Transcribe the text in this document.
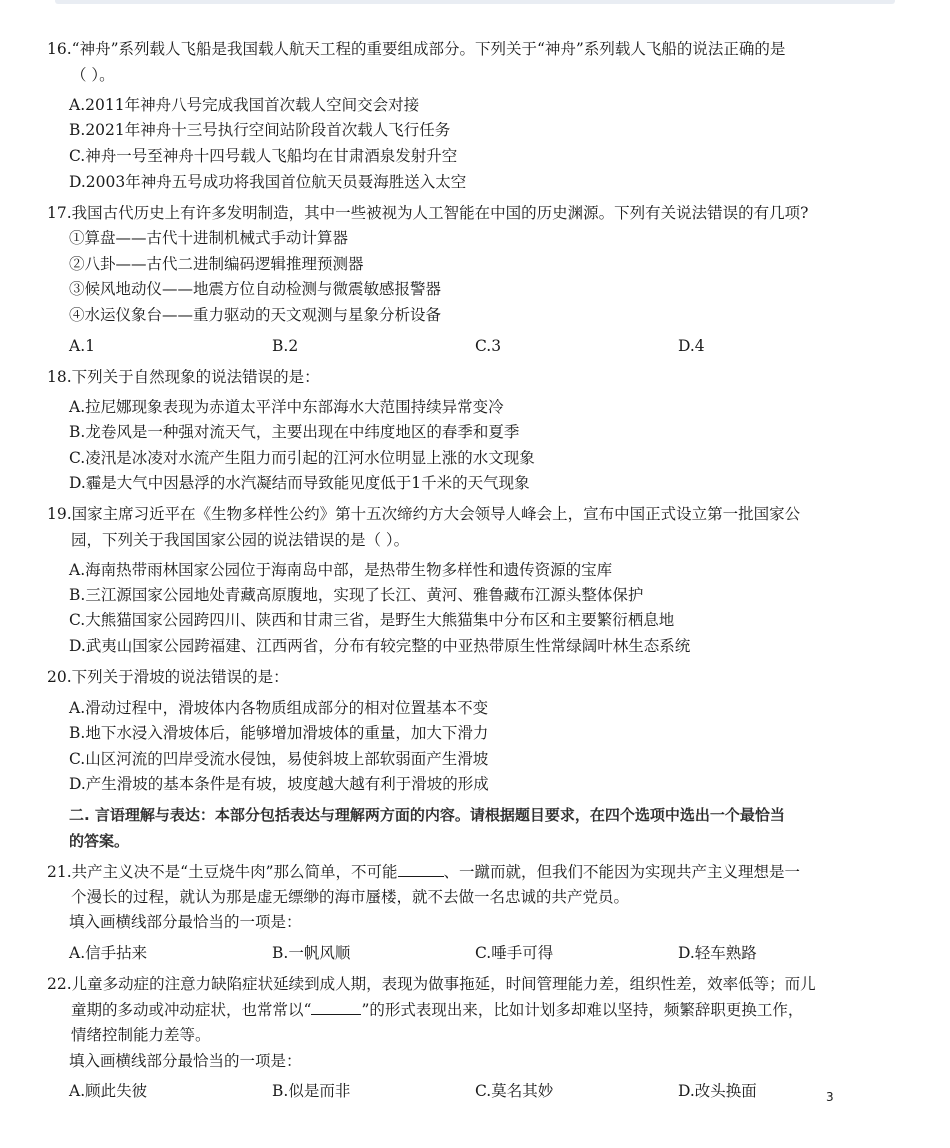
16.“神舟”系列载人飞船是我国载人航天工程的重要组成部分。下列关于“神舟”系列载人飞船的说法正确的是
（ ）。
A.2011年神舟八号完成我国首次载人空间交会对接
B.2021年神舟十三号执行空间站阶段首次载人飞行任务
C.神舟一号至神舟十四号载人飞船均在甘肃酒泉发射升空
D.2003年神舟五号成功将我国首位航天员聂海胜送入太空
17.我国古代历史上有许多发明制造，其中一些被视为人工智能在中国的历史渊源。下列有关说法错误的有几项?
①算盘——古代十进制机械式手动计算器
②八卦——古代二进制编码逻辑推理预测器
③候风地动仪——地震方位自动检测与微震敏感报警器
④水运仪象台——重力驱动的天文观测与星象分析设备
A.1	B.2	C.3	D.4
18.下列关于自然现象的说法错误的是：
A.拉尼娜现象表现为赤道太平洋中东部海水大范围持续异常变冷
B.龙卷风是一种强对流天气，主要出现在中纬度地区的春季和夏季
C.凌汛是冰凌对水流产生阻力而引起的江河水位明显上涨的水文现象
D.霾是大气中因悬浮的水汽凝结而导致能见度低于1千米的天气现象
19.国家主席习近平在《生物多样性公约》第十五次缔约方大会领导人峰会上，宣布中国正式设立第一批国家公
园，下列关于我国国家公园的说法错误的是（ ）。
A.海南热带雨林国家公园位于海南岛中部，是热带生物多样性和遗传资源的宝库
B.三江源国家公园地处青藏高原腹地，实现了长江、黄河、雅鲁藏布江源头整体保护
C.大熊猫国家公园跨四川、陕西和甘肃三省，是野生大熊猫集中分布区和主要繁衍栖息地
D.武夷山国家公园跨福建、江西两省，分布有较完整的中亚热带原生性常绿阔叶林生态系统
20.下列关于滑坡的说法错误的是：
A.滑动过程中，滑坡体内各物质组成部分的相对位置基本不变
B.地下水浸入滑坡体后，能够增加滑坡体的重量，加大下滑力
C.山区河流的凹岸受流水侵蚀，易使斜坡上部软弱面产生滑坡
D.产生滑坡的基本条件是有坡，坡度越大越有利于滑坡的形成
二. 言语理解与表达：本部分包括表达与理解两方面的内容。请根据题目要求，在四个选项中选出一个最恰当
的答案。
21.共产主义决不是“土豆烧牛肉”那么简单，不可能	、一蹴而就，但我们不能因为实现共产主义理想是一
个漫长的过程，就认为那是虚无缥缈的海市蜃楼，就不去做一名忠诚的共产党员。
填入画横线部分最恰当的一项是：
A.信手拈来	B.一帆风顺	C.唾手可得	D.轻车熟路
22.儿童多动症的注意力缺陷症状延续到成人期，表现为做事拖延，时间管理能力差，组织性差，效率低等；而儿
童期的多动或冲动症状，也常常以“	”的形式表现出来，比如计划多却难以坚持，频繁辞职更换工作，
情绪控制能力差等。
填入画横线部分最恰当的一项是：
A.顾此失彼	B.似是而非	C.莫名其妙	D.改头换面	3
